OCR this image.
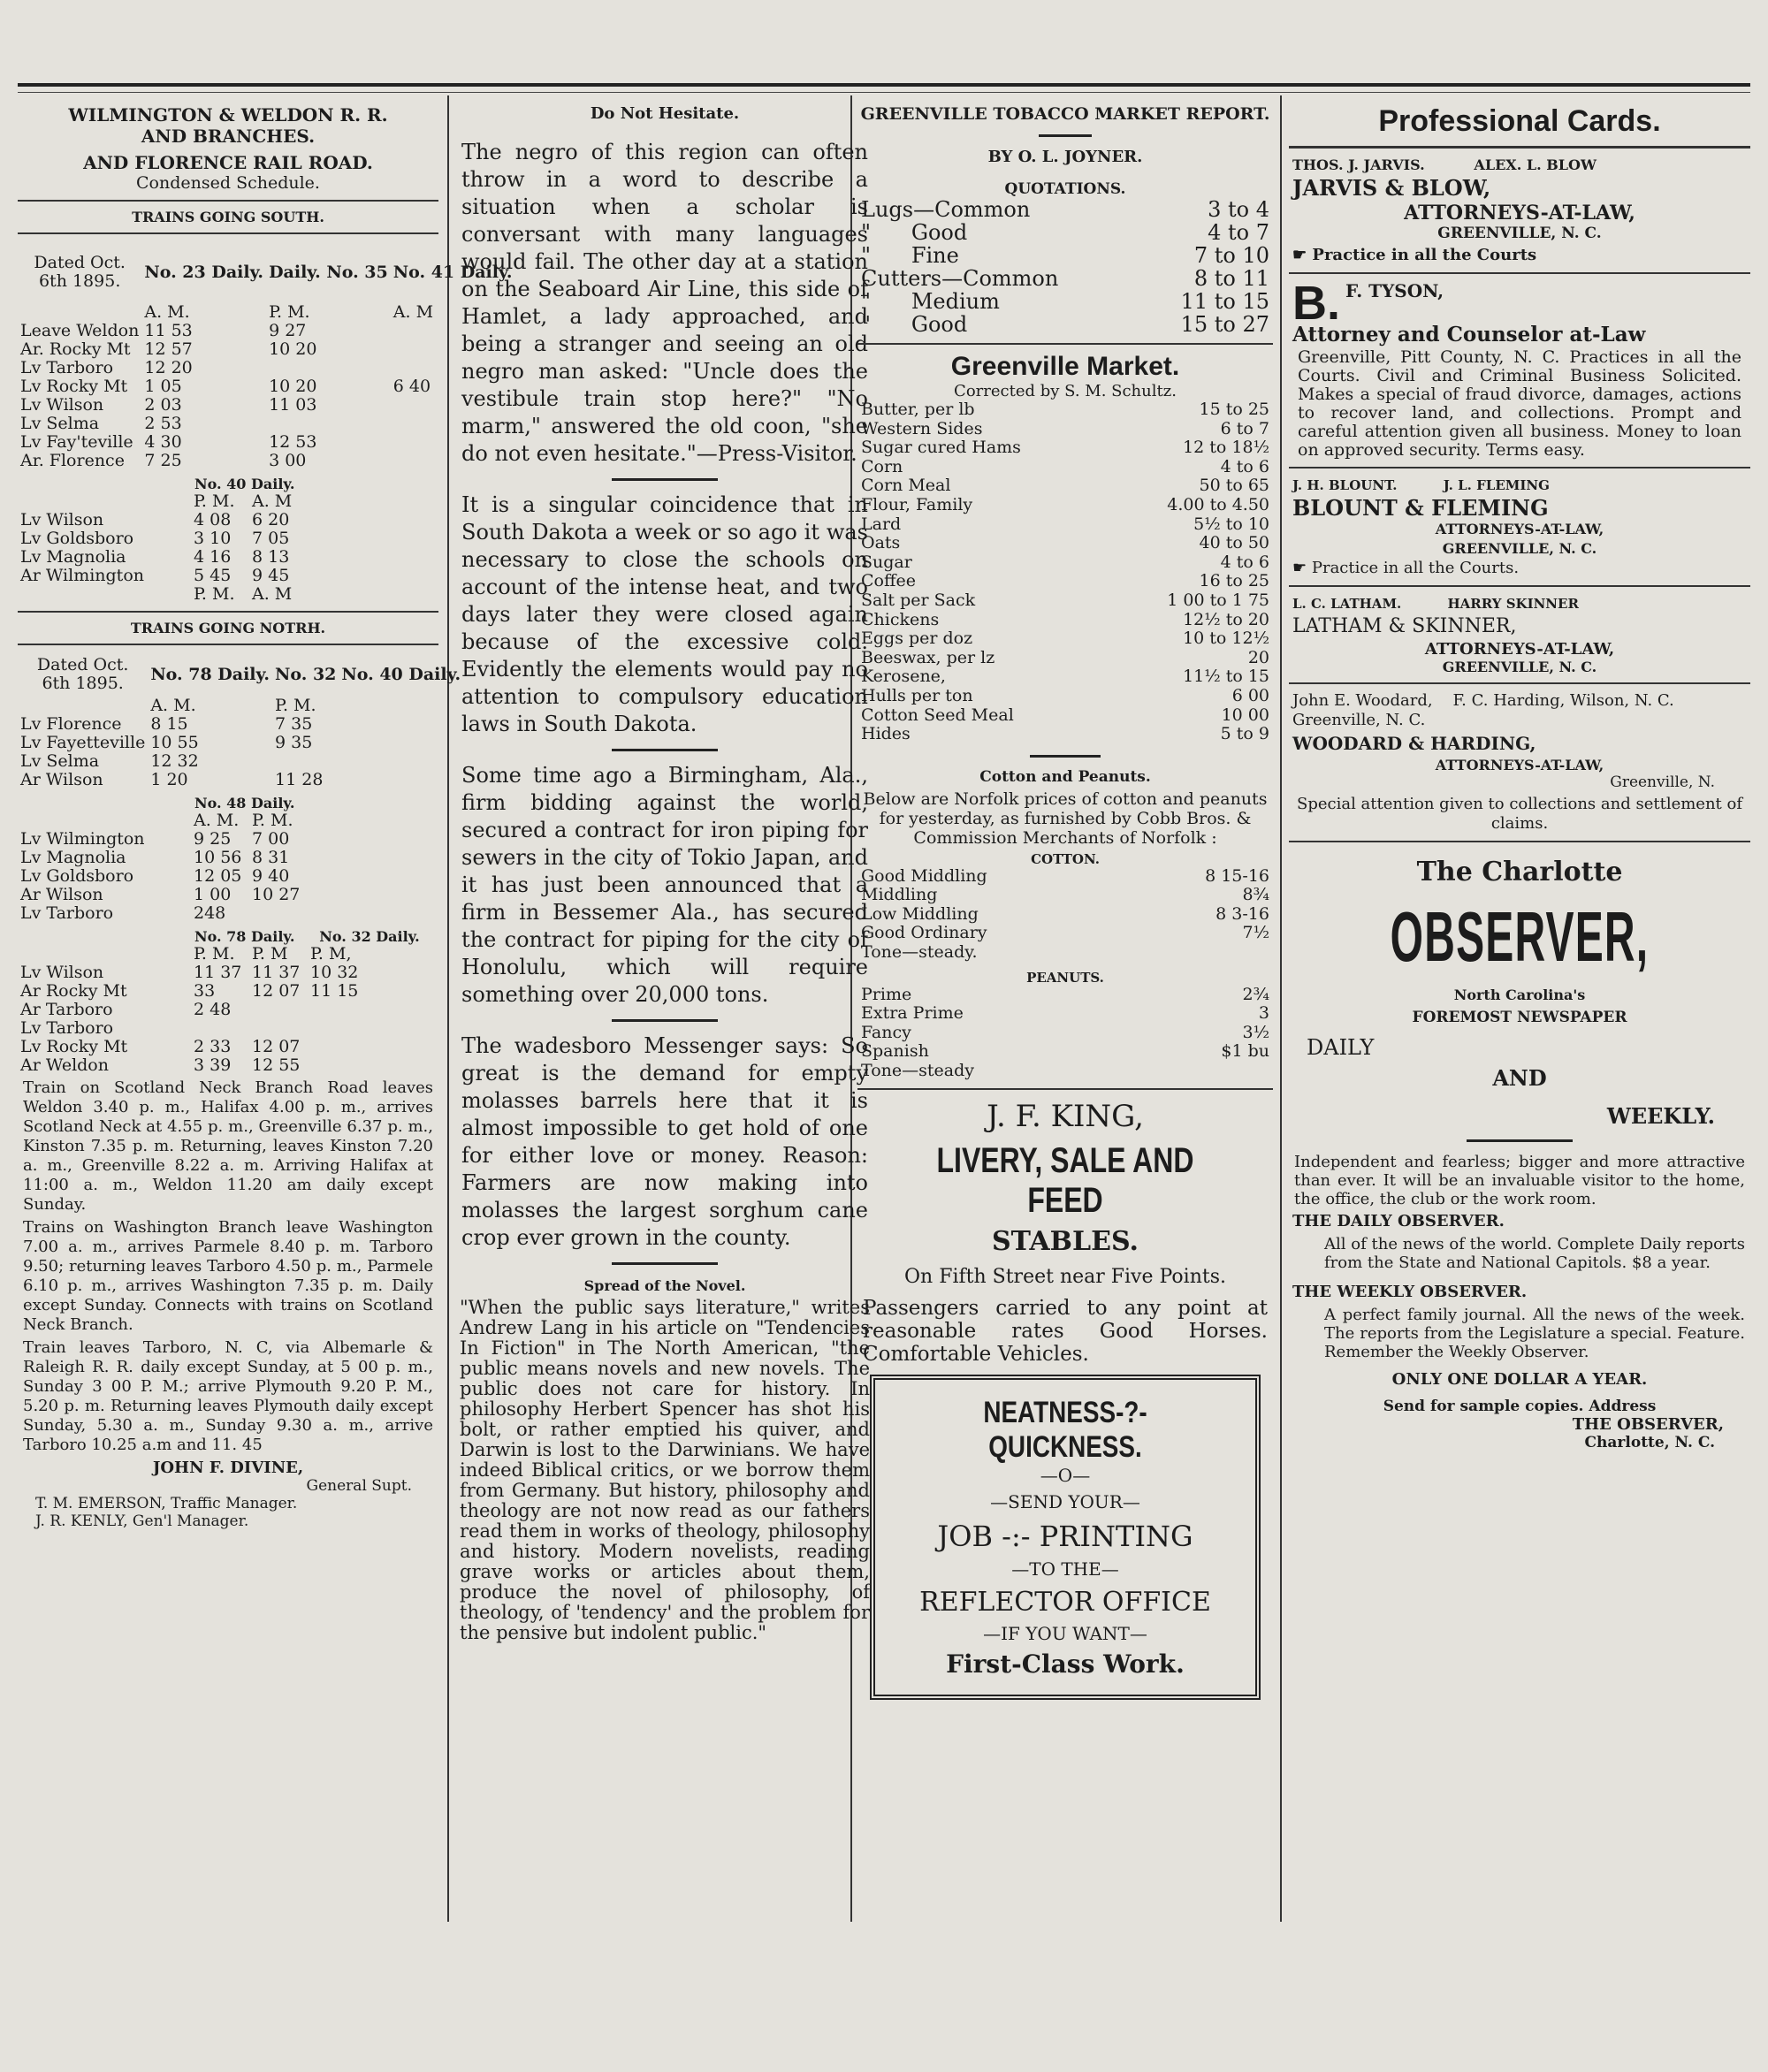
WILMINGTON & WELDON R. R.
AND BRANCHES.
AND FLORENCE RAIL ROAD.
Condensed Schedule.
TRAINS GOING SOUTH.
Dated Oct. 6th 1895.	No. 23 Daily.	Daily. No. 35	No. 41 Daily.
	A. M.	P. M.	A. M
Leave Weldon	11 53	9 27	
Ar. Rocky Mt	12 57	10 20	
Lv Tarboro	12 20		
Lv Rocky Mt	1 05	10 20	6 40
Lv Wilson	2 03	11 03	
Lv Selma	2 53		
Lv Fay'teville	4 30	12 53	
Ar. Florence	7 25	3 00	
No. 40 Daily.
	P. M.	A. M
Lv Wilson	4 08	6 20
Lv Goldsboro	3 10	7 05
Lv Magnolia	4 16	8 13
Ar Wilmington	5 45	9 45
	P. M.	A. M
TRAINS GOING NOTRH.
Dated Oct. 6th 1895.	No. 78 Daily.	No. 32	No. 40 Daily.
	A. M.	P. M.	
Lv Florence	8 15	7 35	
Lv Fayetteville	10 55	9 35	
Lv Selma	12 32		
Ar Wilson	1 20	11 28	
No. 48 Daily.
	A. M.	P. M.
Lv Wilmington	9 25	7 00
Lv Magnolia	10 56	8 31
Lv Goldsboro	12 05	9 40
Ar Wilson	1 00	10 27
Lv Tarboro	248	
No. 78 Daily. No. 32 Daily.
	P. M.	P. M	P. M,
Lv Wilson	11 37	11 37	10 32
Ar Rocky Mt	33	12 07	11 15
Ar Tarboro	2 48		
Lv Tarboro			
Lv Rocky Mt	2 33	12 07	
Ar Weldon	3 39	12 55	
Train on Scotland Neck Branch Road leaves Weldon 3.40 p. m., Halifax 4.00 p. m., arrives Scotland Neck at 4.55 p. m., Greenville 6.37 p. m., Kinston 7.35 p. m. Returning, leaves Kinston 7.20 a. m., Greenville 8.22 a. m. Arriving Halifax at 11:00 a. m., Weldon 11.20 am daily except Sunday.
Trains on Washington Branch leave Washington 7.00 a. m., arrives Parmele 8.40 p. m. Tarboro 9.50; returning leaves Tarboro 4.50 p. m., Parmele 6.10 p. m., arrives Washington 7.35 p. m. Daily except Sunday. Connects with trains on Scotland Neck Branch.
Train leaves Tarboro, N. C, via Albemarle & Raleigh R. R. daily except Sunday, at 5 00 p. m., Sunday 3 00 P. M.; arrive Plymouth 9.20 P. M., 5.20 p. m. Returning leaves Plymouth daily except Sunday, 5.30 a. m., Sunday 9.30 a. m., arrive Tarboro 10.25 a.m and 11. 45
JOHN F. DIVINE,
General Supt.
T. M. EMERSON, Traffic Manager.
J. R. KENLY, Gen'l Manager.
Do Not Hesitate.
The negro of this region can often throw in a word to describe a situation when a scholar is conversant with many languages would fail. The other day at a station on the Seaboard Air Line, this side of Hamlet, a lady approached, and being a stranger and seeing an old negro man asked: "Uncle does the vestibule train stop here?" "No marm," answered the old coon, "she do not even hesitate."—Press-Visitor.
It is a singular coincidence that in South Dakota a week or so ago it was necessary to close the schools on account of the intense heat, and two days later they were closed again because of the excessive cold. Evidently the elements would pay no attention to compulsory education laws in South Dakota.
Some time ago a Birmingham, Ala., firm bidding against the world, secured a contract for iron piping for sewers in the city of Tokio Japan, and it has just been announced that a firm in Bessemer Ala., has secured the contract for piping for the city of Honolulu, which will require something over 20,000 tons.
The wadesboro Messenger says: So great is the demand for empty molasses barrels here that it is almost impossible to get hold of one for either love or money. Reason: Farmers are now making into molasses the largest sorghum cane crop ever grown in the county.
Spread of the Novel.
"When the public says literature," writes Andrew Lang in his article on "Tendencies In Fiction" in The North American, "the public means novels and new novels. The public does not care for history. In philosophy Herbert Spencer has shot his bolt, or rather emptied his quiver, and Darwin is lost to the Darwinians. We have indeed Biblical critics, or we borrow them from Germany. But history, philosophy and theology are not now read as our fathers read them in works of theology, philosophy and history. Modern novelists, reading grave works or articles about them, produce the novel of philosophy, of theology, of 'tendency' and the problem for the pensive but indolent public."
GREENVILLE TOBACCO MARKET REPORT.
BY O. L. JOYNER.
QUOTATIONS.
Lugs—Common	3 to 4
"      Good	4 to 7
"      Fine	7 to 10
Cutters—Common	8 to 11
"      Medium	11 to 15
"      Good	15 to 27
Greenville Market.
Corrected by S. M. Schultz.
Butter, per lb	15 to 25
Western Sides	6 to 7
Sugar cured Hams	12 to 18½
Corn	4 to 6
Corn Meal	50 to 65
Flour, Family	4.00 to 4.50
Lard	5½ to 10
Oats	40 to 50
Sugar	4 to 6
Coffee	16 to 25
Salt per Sack	1 00 to 1 75
Chickens	12½ to 20
Eggs per doz	10 to 12½
Beeswax, per lz	20
Kerosene,	11½ to 15
Hulls per ton	6 00
Cotton Seed Meal	10 00
Hides	5 to 9
Cotton and Peanuts.
Below are Norfolk prices of cotton and peanuts for yesterday, as furnished by Cobb Bros. & Commission Merchants of Norfolk :
COTTON.
Good Middling	8 15-16
Middling	8¾
Low Middling	8 3-16
Good Ordinary	7½
Tone—steady.	
PEANUTS.
Prime	2¾
Extra Prime	3
Fancy	3½
Spanish	$1 bu
Tone—steady	
J. F. KING,
LIVERY, SALE AND FEED
STABLES.
On Fifth Street near Five Points.
Passengers carried to any point at reasonable rates Good Horses. Comfortable Vehicles.
NEATNESS-?-QUICKNESS.
—O—
—SEND YOUR—
JOB -:- PRINTING
—TO THE—
REFLECTOR OFFICE
—IF YOU WANT—
First-Class Work.
Professional Cards.
THOS. J. JARVIS.          ALEX. L. BLOW
JARVIS & BLOW,
ATTORNEYS-AT-LAW,
GREENVILLE, N. C.
☛ Practice in all the Courts
B. F. TYSON,
Attorney and Counselor at-Law
Greenville, Pitt County, N. C. Practices in all the Courts. Civil and Criminal Business Solicited. Makes a special of fraud divorce, damages, actions to recover land, and collections. Prompt and careful attention given all business. Money to loan on approved security. Terms easy.
J. H. BLOUNT.          J. L. FLEMING
BLOUNT & FLEMING
ATTORNEYS-AT-LAW,
GREENVILLE, N. C.
☛ Practice in all the Courts.
L. C. LATHAM.          HARRY SKINNER
LATHAM & SKINNER,
ATTORNEYS-AT-LAW,
GREENVILLE, N. C.
John E. Woodard,    F. C. Harding, Wilson, N. C.    Greenville, N. C.
WOODARD & HARDING,
ATTORNEYS-AT-LAW,
Greenville, N.
Special attention given to collections and settlement of claims.
The Charlotte
OBSERVER,
North Carolina's
FOREMOST NEWSPAPER
DAILY
AND
WEEKLY.
Independent and fearless; bigger and more attractive than ever. It will be an invaluable visitor to the home, the office, the club or the work room.
THE DAILY OBSERVER.
All of the news of the world. Complete Daily reports from the State and National Capitols. $8 a year.
THE WEEKLY OBSERVER.
A perfect family journal. All the news of the week. The reports from the Legislature a special. Feature. Remember the Weekly Observer.
ONLY ONE DOLLAR A YEAR.
Send for sample copies. Address
THE OBSERVER,
Charlotte, N. C.
